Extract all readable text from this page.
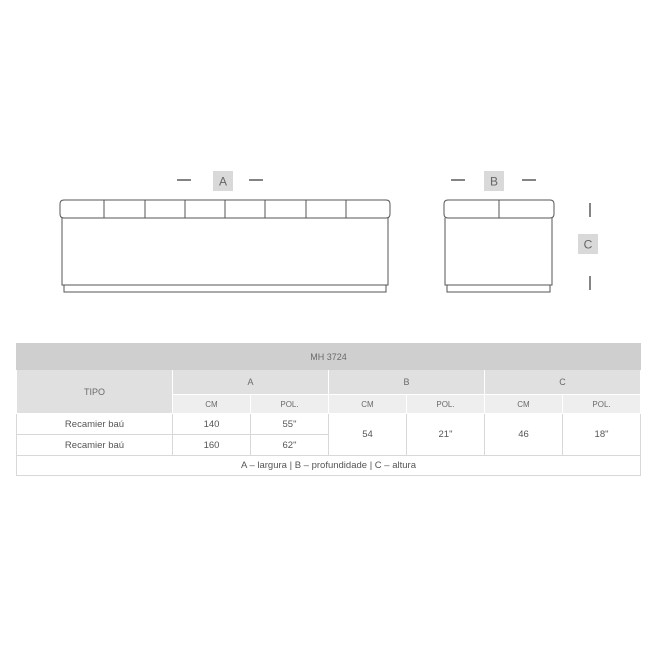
A	B
C
MH 3724						
TIPO	A		B		C	
	CM	POL.	CM	POL.	CM	POL.
Recamier baú	140	55"	54	21"	46	18"
Recamier baú	160	62"				
A – largura | B – profundidade | C – altura						
